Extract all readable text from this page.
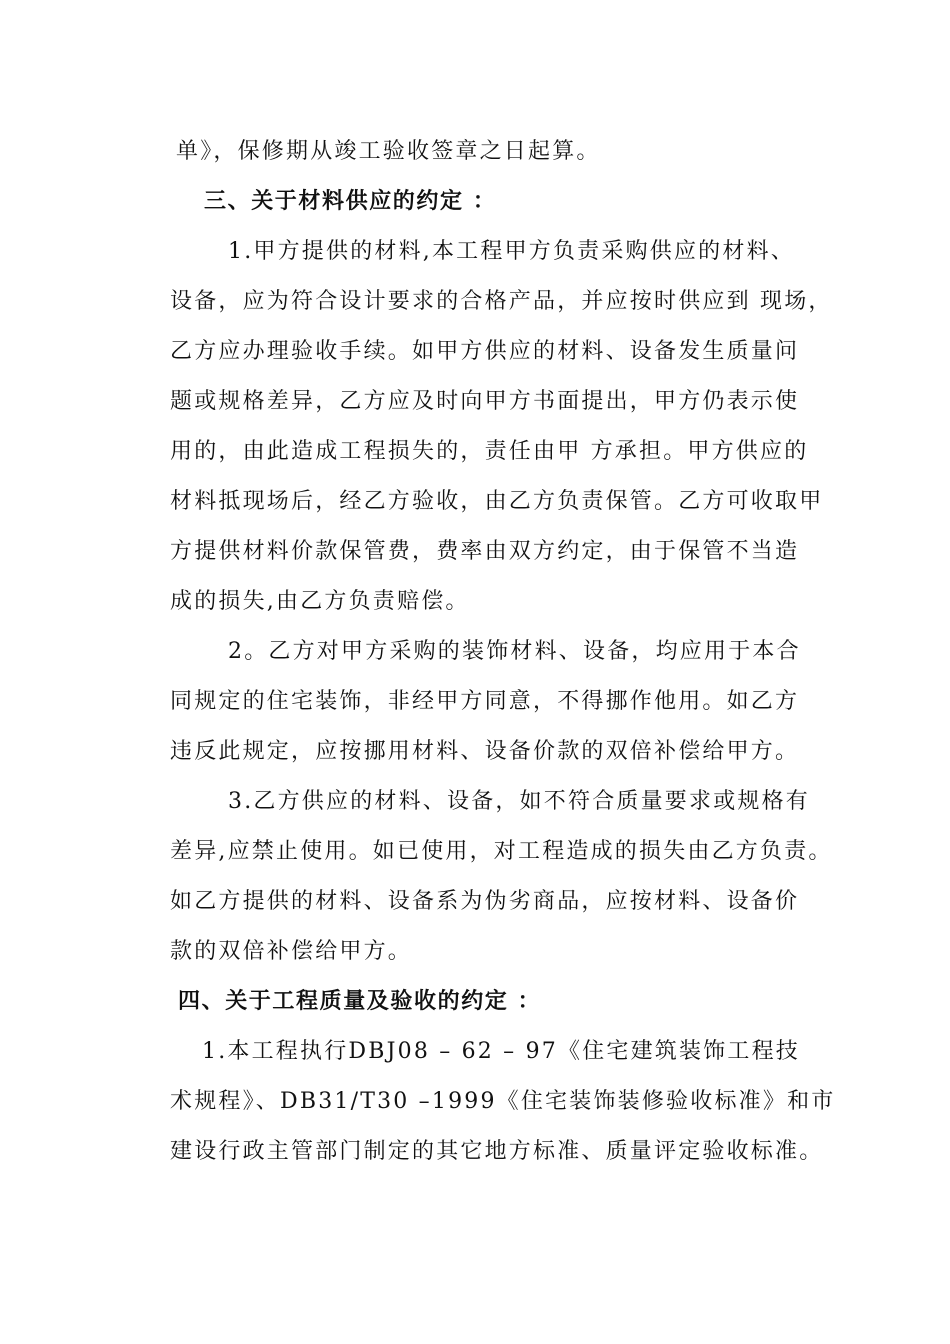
单》，保修期从竣工验收签章之日起算。
三、关于材料供应的约定 ：
1.甲方提供的材料,本工程甲方负责采购供应的材料、
设备，应为符合设计要求的合格产品，并应按时供应到 现场，
乙方应办理验收手续。如甲方供应的材料、设备发生质量问
题或规格差异，乙方应及时向甲方书面提出，甲方仍表示使
用的，由此造成工程损失的，责任由甲 方承担。甲方供应的
材料抵现场后，经乙方验收，由乙方负责保管。乙方可收取甲
方提供材料价款保管费，费率由双方约定，由于保管不当造
成的损失,由乙方负责赔偿。
2。乙方对甲方采购的装饰材料、设备，均应用于本合
同规定的住宅装饰，非经甲方同意，不得挪作他用。如乙方
违反此规定，应按挪用材料、设备价款的双倍补偿给甲方。
3.乙方供应的材料、设备，如不符合质量要求或规格有
差异,应禁止使用。如已使用，对工程造成的损失由乙方负责。
如乙方提供的材料、设备系为伪劣商品，应按材料、设备价
款的双倍补偿给甲方。
四、关于工程质量及验收的约定 ：
1.本工程执行DBJ08 – 62 – 97《住宅建筑装饰工程技
术规程》、DB31/T30 –1999《住宅装饰装修验收标准》和市
建设行政主管部门制定的其它地方标准、质量评定验收标准。
